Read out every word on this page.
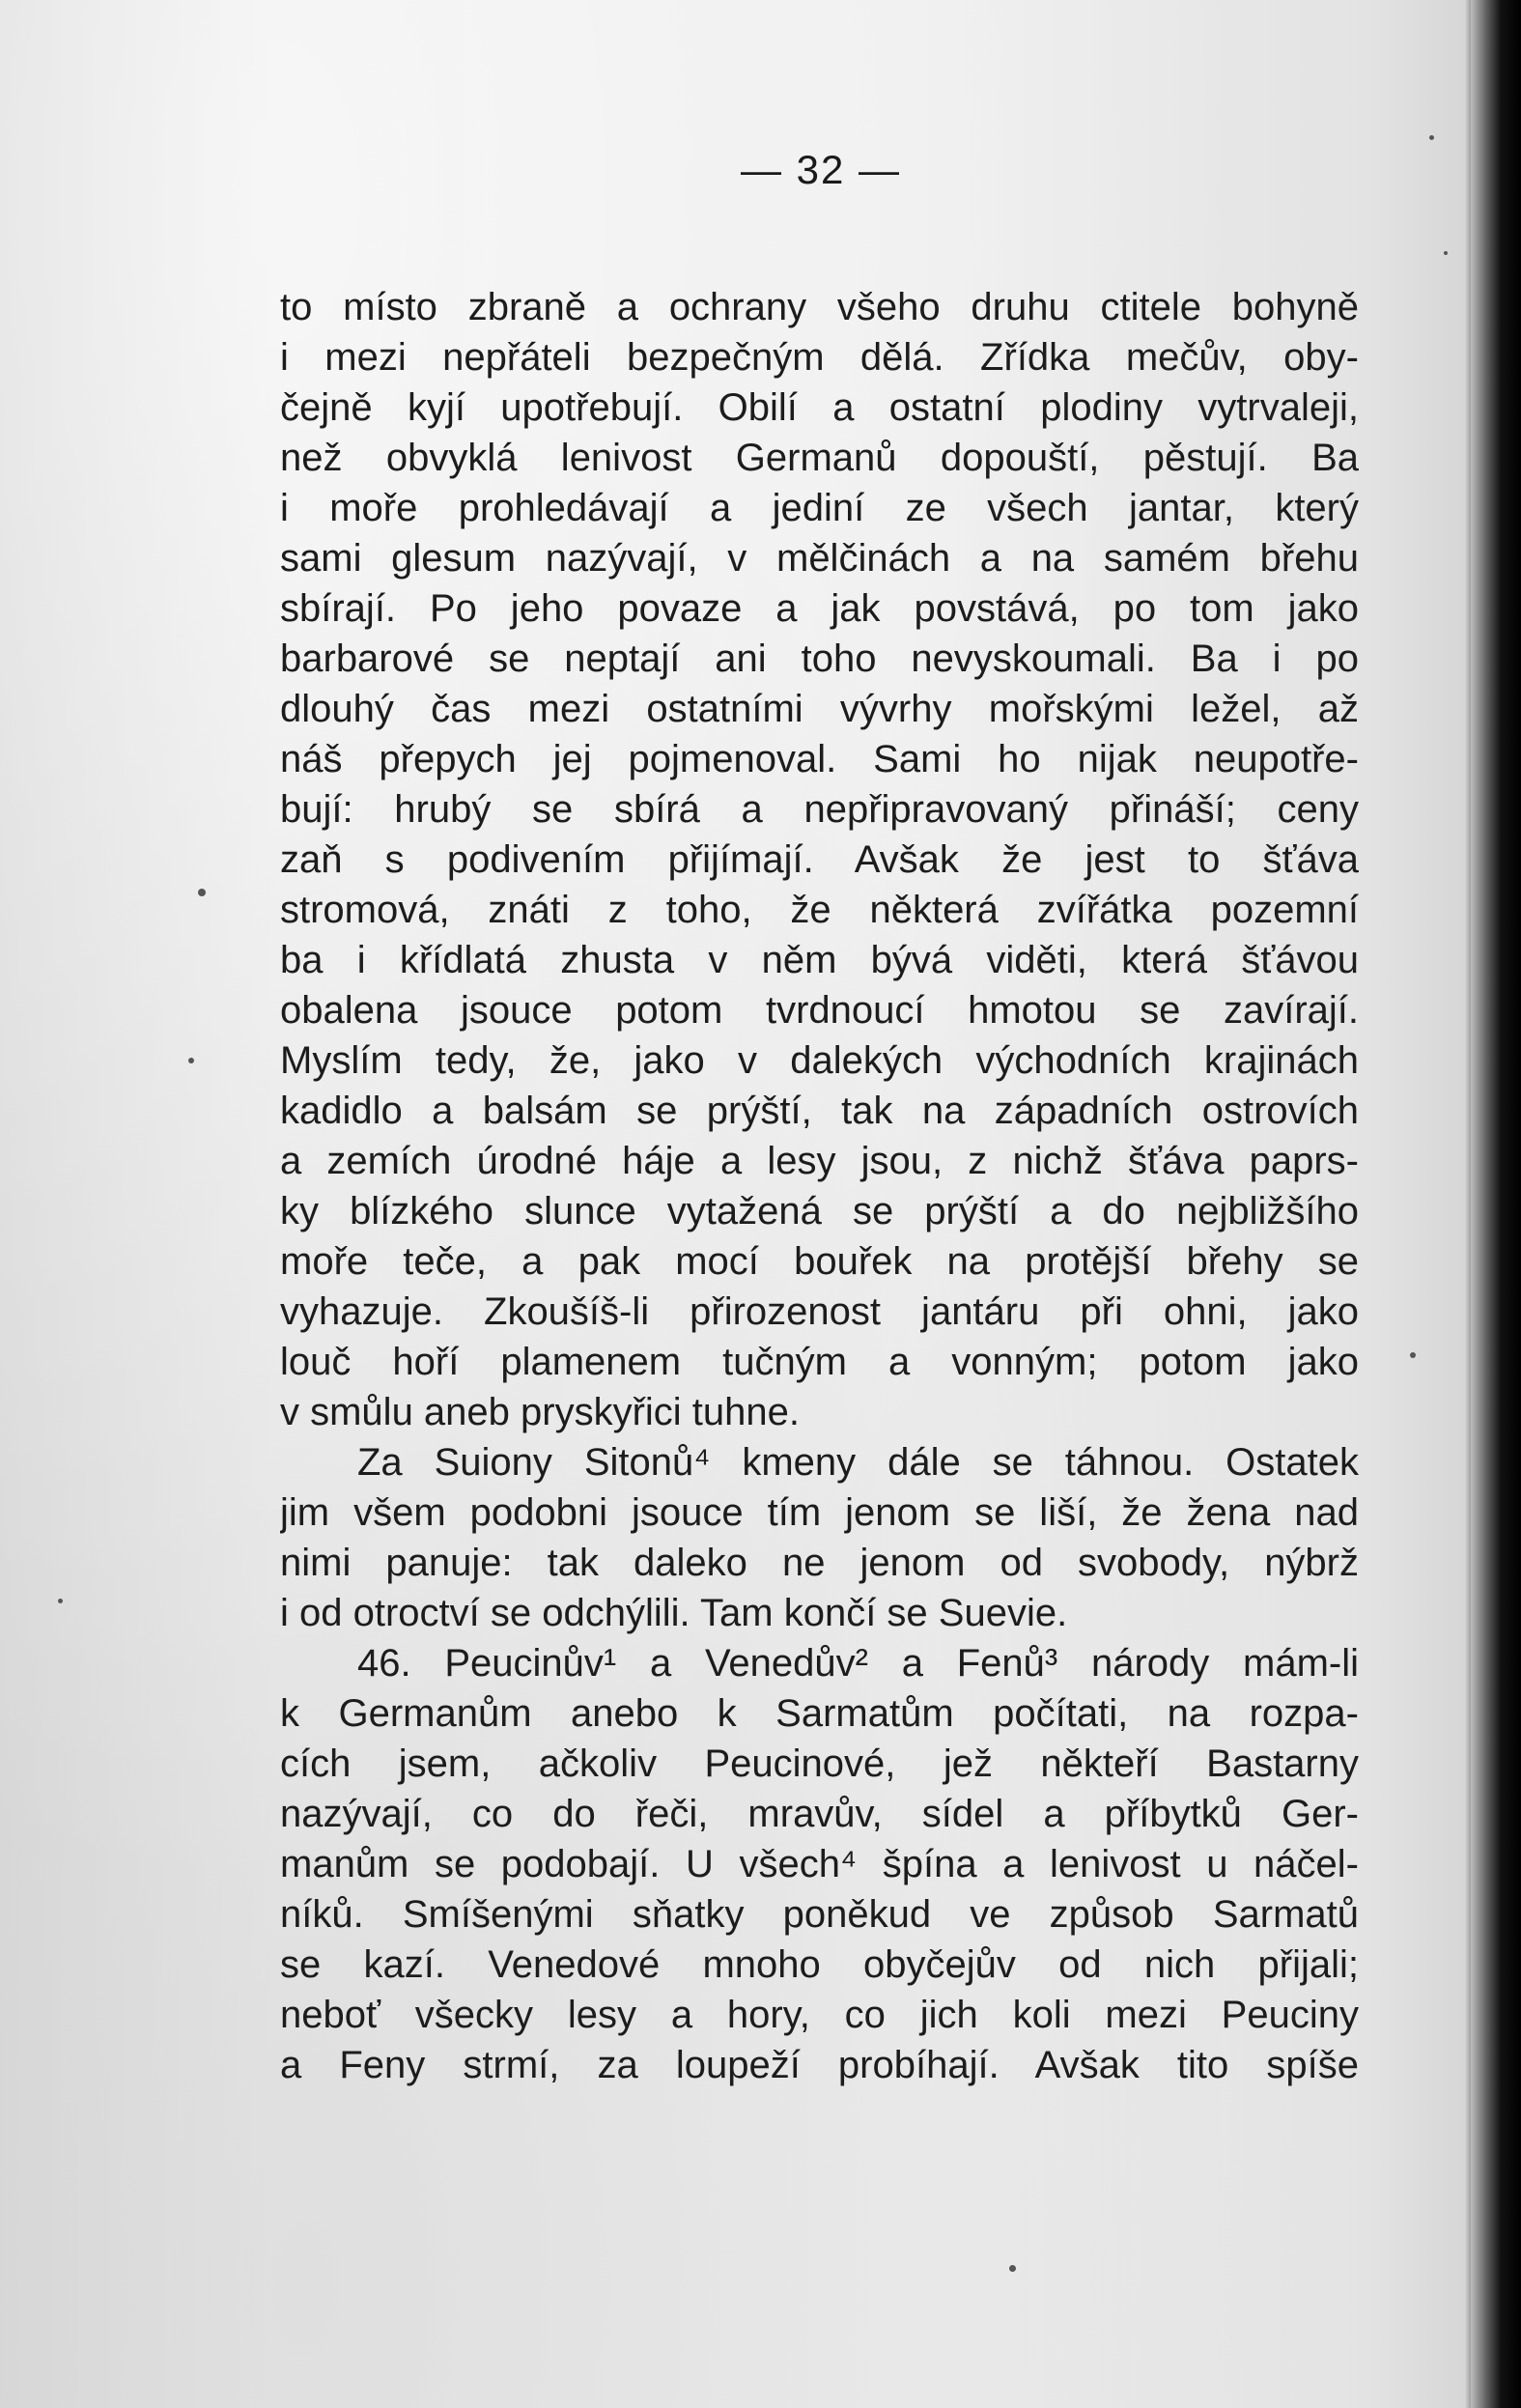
— 32 —
to místo zbraně a ochrany všeho druhu ctitele bohyně
i mezi nepřáteli bezpečným dělá. Zřídka mečův, oby-
čejně kyjí upotřebují. Obilí a ostatní plodiny vytrvaleji,
než obvyklá lenivost Germanů dopouští, pěstují. Ba
i moře prohledávají a jediní ze všech jantar, který
sami glesum nazývají, v mělčinách a na samém břehu
sbírají. Po jeho povaze a jak povstává, po tom jako
barbarové se neptají ani toho nevyskoumali. Ba i po
dlouhý čas mezi ostatními vývrhy mořskými ležel, až
náš přepych jej pojmenoval. Sami ho nijak neupotře-
bují: hrubý se sbírá a nepřipravovaný přináší; ceny
zaň s podivením přijímají. Avšak že jest to šťáva
stromová, znáti z toho, že některá zvířátka pozemní
ba i křídlatá zhusta v něm bývá viděti, která šťávou
obalena jsouce potom tvrdnoucí hmotou se zavírají.
Myslím tedy, že, jako v dalekých východních krajinách
kadidlo a balsám se prýští, tak na západních ostrovích
a zemích úrodné háje a lesy jsou, z nichž šťáva paprs-
ky blízkého slunce vytažená se prýští a do nejbližšího
moře teče, a pak mocí bouřek na protější břehy se
vyhazuje. Zkoušíš-li přirozenost jantáru při ohni, jako
louč hoří plamenem tučným a vonným; potom jako
v smůlu aneb pryskyřici tuhne.
Za Suiony Sitonů⁴ kmeny dále se táhnou. Ostatek
jim všem podobni jsouce tím jenom se liší, že žena nad
nimi panuje: tak daleko ne jenom od svobody, nýbrž
i od otroctví se odchýlili. Tam končí se Suevie.
46. Peucinův¹ a Venedův² a Fenů³ národy mám-li
k Germanům anebo k Sarmatům počítati, na rozpa-
cích jsem, ačkoliv Peucinové, jež někteří Bastarny
nazývají, co do řeči, mravův, sídel a příbytků Ger-
manům se podobají. U všech⁴ špína a lenivost u náčel-
níků. Smíšenými sňatky poněkud ve způsob Sarmatů
se kazí. Venedové mnoho obyčejův od nich přijali;
neboť všecky lesy a hory, co jich koli mezi Peuciny
a Feny strmí, za loupeží probíhají. Avšak tito spíše
